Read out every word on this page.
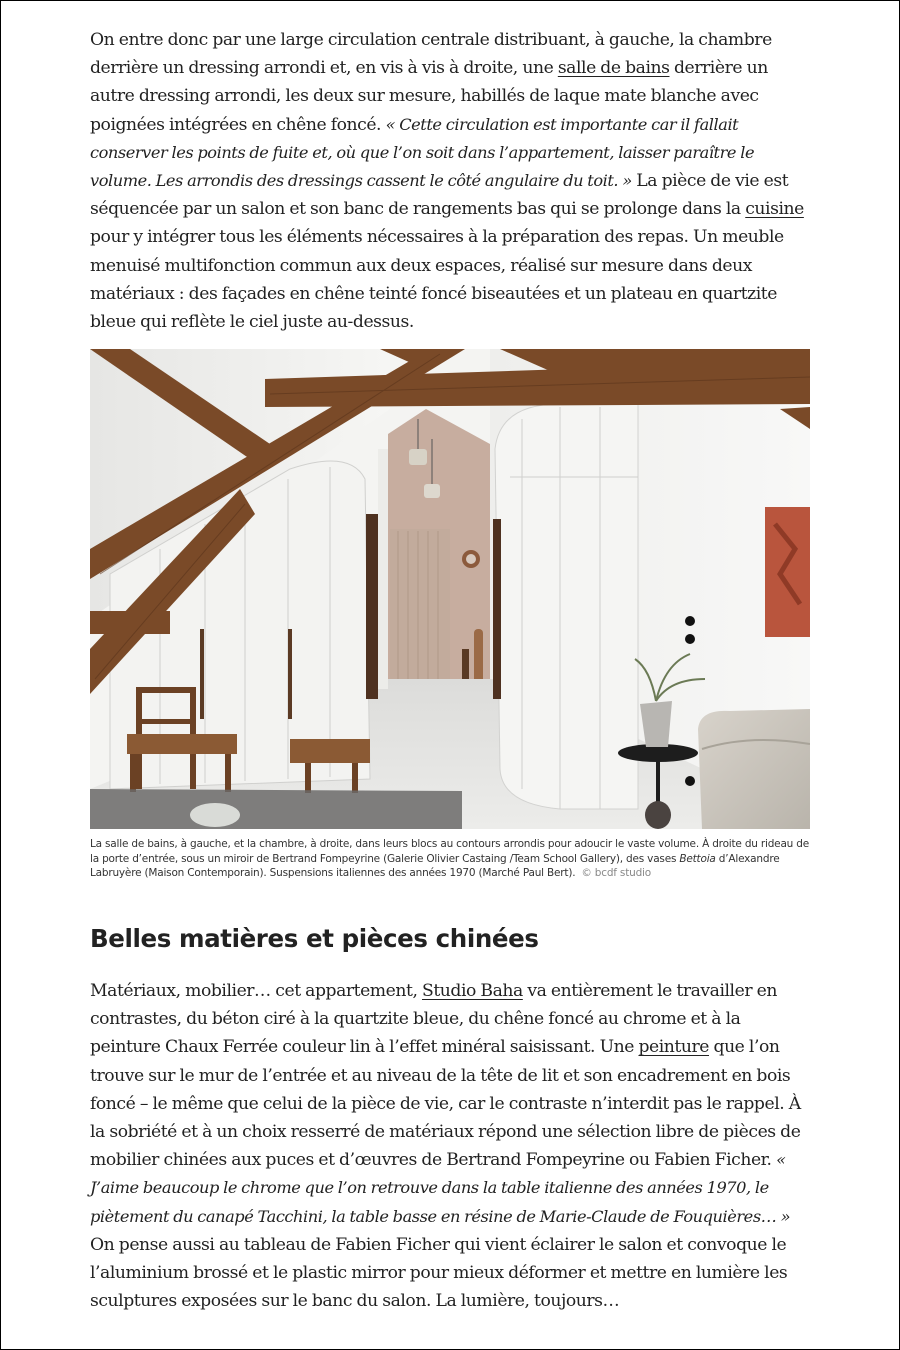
On entre donc par une large circulation centrale distribuant, à gauche, la chambre derrière un dressing arrondi et, en vis à vis à droite, une salle de bains derrière un autre dressing arrondi, les deux sur mesure, habillés de laque mate blanche avec poignées intégrées en chêne foncé. « Cette circulation est importante car il fallait conserver les points de fuite et, où que l’on soit dans l’appartement, laisser paraître le volume. Les arrondis des dressings cassent le côté angulaire du toit. » La pièce de vie est séquencée par un salon et son banc de rangements bas qui se prolonge dans la cuisine pour y intégrer tous les éléments nécessaires à la préparation des repas. Un meuble menuisé multifonction commun aux deux espaces, réalisé sur mesure dans deux matériaux : des façades en chêne teinté foncé biseautées et un plateau en quartzite bleue qui reflète le ciel juste au-dessus.

La salle de bains, à gauche, et la chambre, à droite, dans leurs blocs au contours arrondis pour adoucir le vaste volume. À droite du rideau de la porte d’entrée, sous un miroir de Bertrand Fompeyrine (Galerie Olivier Castaing /Team School Gallery), des vases Bettoia d’Alexandre Labruyère (Maison Contemporain). Suspensions italiennes des années 1970 (Marché Paul Bert). © bcdf studio
Belles matières et pièces chinées

Matériaux, mobilier… cet appartement, Studio Baha va entièrement le travailler en contrastes, du béton ciré à la quartzite bleue, du chêne foncé au chrome et à la peinture Chaux Ferrée couleur lin à l’effet minéral saisissant. Une peinture que l’on trouve sur le mur de l’entrée et au niveau de la tête de lit et son encadrement en bois foncé – le même que celui de la pièce de vie, car le contraste n’interdit pas le rappel. À la sobriété et à un choix resserré de matériaux répond une sélection libre de pièces de mobilier chinées aux puces et d’œuvres de Bertrand Fompeyrine ou Fabien Ficher. « J’aime beaucoup le chrome que l’on retrouve dans la table italienne des années 1970, le piètement du canapé Tacchini, la table basse en résine de Marie-Claude de Fouquières… » On pense aussi au tableau de Fabien Ficher qui vient éclairer le salon et convoque le l’aluminium brossé et le plastic mirror pour mieux déformer et mettre en lumière les sculptures exposées sur le banc du salon. La lumière, toujours…
